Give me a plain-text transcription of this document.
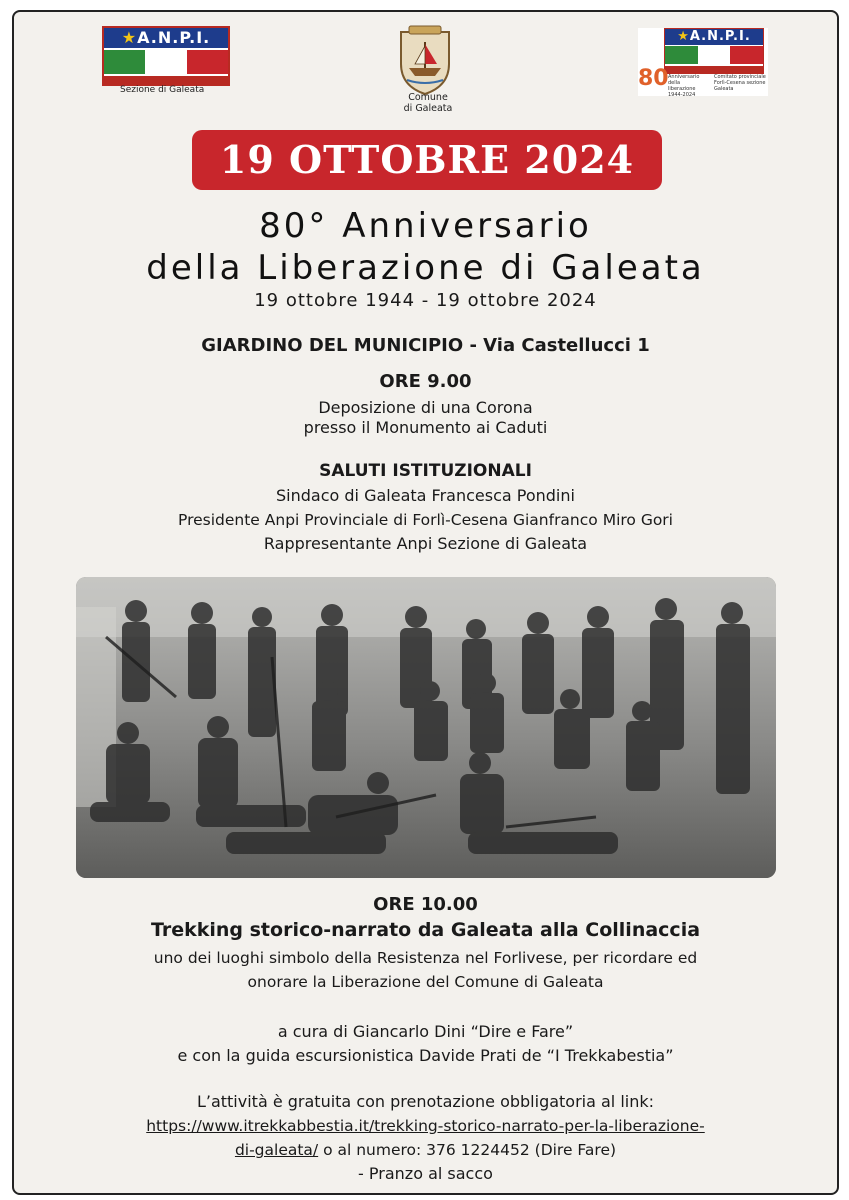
★A.N.P.I.
Sezione di Galeata
Comune
di Galeata
★A.N.P.I.
80 Anniversario della liberazione 1944-2024
Comitato provinciale Forlì-Cesena sezione Galeata
19 OTTOBRE 2024
80° Anniversario
della Liberazione di Galeata
19 ottobre 1944 - 19 ottobre 2024
GIARDINO DEL MUNICIPIO - Via Castellucci 1
ORE 9.00
Deposizione di una Corona
presso il Monumento ai Caduti
SALUTI ISTITUZIONALI
Sindaco di Galeata Francesca Pondini
Presidente Anpi Provinciale di Forlì-Cesena Gianfranco Miro Gori
Rappresentante Anpi Sezione di Galeata
ORE 10.00
Trekking storico-narrato da Galeata alla Collinaccia
uno dei luoghi simbolo della Resistenza nel Forlivese, per ricordare ed
onorare la Liberazione del Comune di Galeata
a cura di Giancarlo Dini “Dire e Fare”
e con la guida escursionistica Davide Prati de “I Trekkabestia”
L’attività è gratuita con prenotazione obbligatoria al link:
https://www.itrekkabbestia.it/trekking-storico-narrato-per-la-liberazione-
di-galeata/ o al numero: 376 1224452 (Dire Fare)
- Pranzo al sacco
